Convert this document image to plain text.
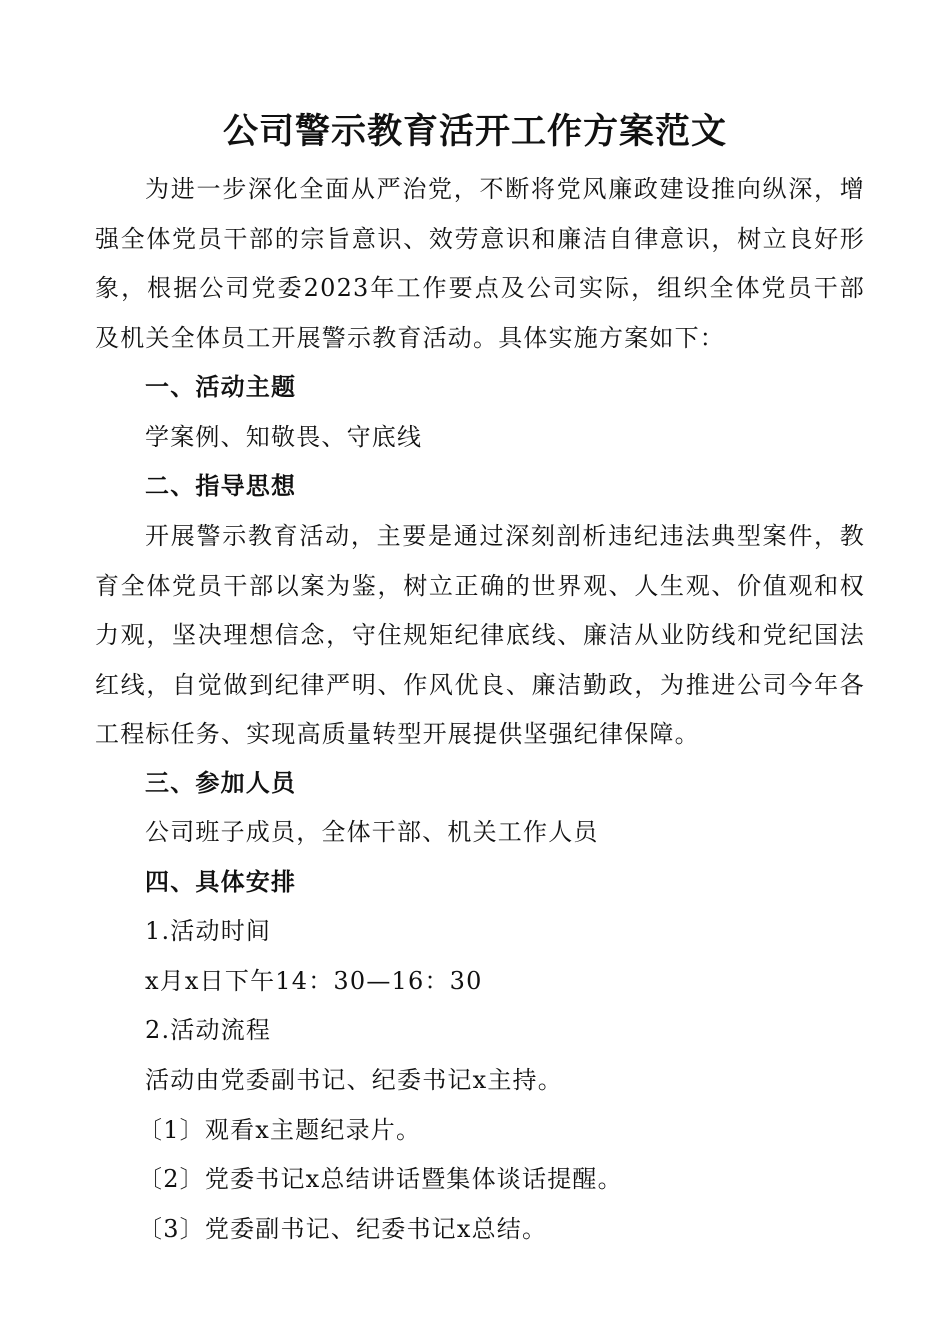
公司警示教育活开工作方案范文
为进一步深化全面从严治党，不断将党风廉政建设推向纵深，增强全体党员干部的宗旨意识、效劳意识和廉洁自律意识，树立良好形象，根据公司党委2023年工作要点及公司实际，组织全体党员干部及机关全体员工开展警示教育活动。具体实施方案如下：
一、活动主题
学案例、知敬畏、守底线
二、指导思想
开展警示教育活动，主要是通过深刻剖析违纪违法典型案件，教育全体党员干部以案为鉴，树立正确的世界观、人生观、价值观和权力观，坚决理想信念，守住规矩纪律底线、廉洁从业防线和党纪国法红线，自觉做到纪律严明、作风优良、廉洁勤政，为推进公司今年各工程标任务、实现高质量转型开展提供坚强纪律保障。
三、参加人员
公司班子成员，全体干部、机关工作人员
四、具体安排
1.活动时间
x月x日下午14：30—16：30
2.活动流程
活动由党委副书记、纪委书记x主持。
〔1〕观看x主题纪录片。
〔2〕党委书记x总结讲话暨集体谈话提醒。
〔3〕党委副书记、纪委书记x总结。
